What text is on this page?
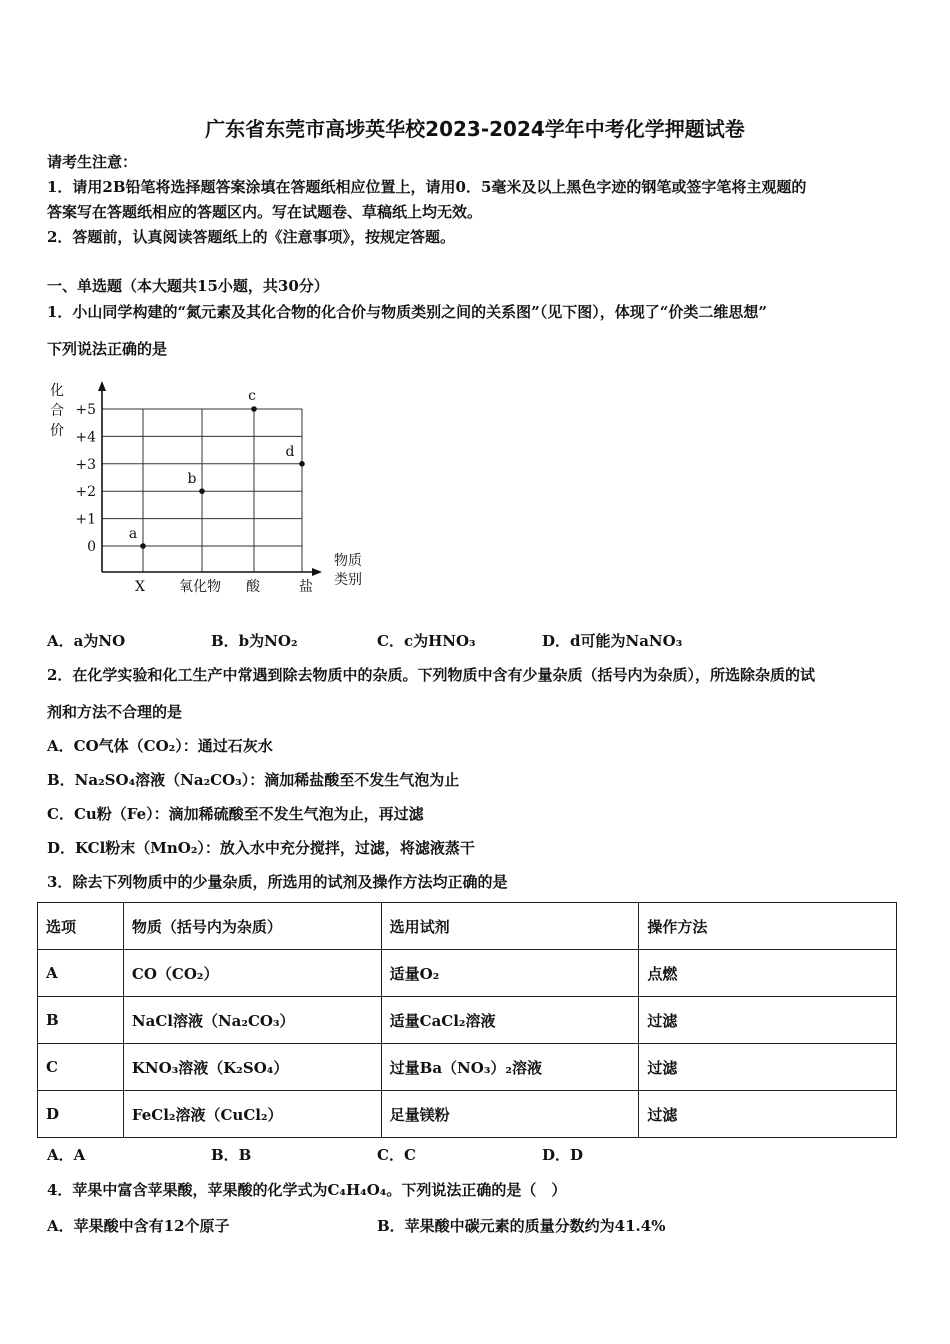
广东省东莞市高埗英华校2023-2024学年中考化学押题试卷
请考生注意：
1．请用2B铅笔将选择题答案涂填在答题纸相应位置上，请用0．5毫米及以上黑色字迹的钢笔或签字笔将主观题的
答案写在答题纸相应的答题区内。写在试题卷、草稿纸上均无效。
2．答题前，认真阅读答题纸上的《注意事项》，按规定答题。
一、单选题（本大题共15小题，共30分）
1．小山同学构建的“氮元素及其化合物的化合价与物质类别之间的关系图”（见下图），体现了“价类二维思想”
下列说法正确的是
化
合
价
物质
类别
+5
+4
+3
+2
+1
0
X 氧化物 酸	盐
a
b
c
d
A．a为NO	B．b为NO₂	C．c为HNO₃	D．d可能为NaNO₃
2．在化学实验和化工生产中常遇到除去物质中的杂质。下列物质中含有少量杂质（括号内为杂质），所选除杂质的试
剂和方法不合理的是
A．CO气体（CO₂）：通过石灰水
B．Na₂SO₄溶液（Na₂CO₃）：滴加稀盐酸至不发生气泡为止
C．Cu粉（Fe）：滴加稀硫酸至不发生气泡为止，再过滤
D．KCl粉末（MnO₂）：放入水中充分搅拌，过滤，将滤液蒸干
3．除去下列物质中的少量杂质，所选用的试剂及操作方法均正确的是
选项	物质（括号内为杂质）	选用试剂	操作方法
A	CO（CO₂）	适量O₂	点燃
B	NaCl溶液（Na₂CO₃）	适量CaCl₂溶液	过滤
C	KNO₃溶液（K₂SO₄）	过量Ba（NO₃）₂溶液	过滤
D	FeCl₂溶液（CuCl₂）	足量镁粉	过滤
A．A	B．B	C．C	D．D
4．苹果中富含苹果酸，苹果酸的化学式为C₄H₄O₄。下列说法正确的是（　）
A．苹果酸中含有12个原子	B．苹果酸中碳元素的质量分数约为41.4%
